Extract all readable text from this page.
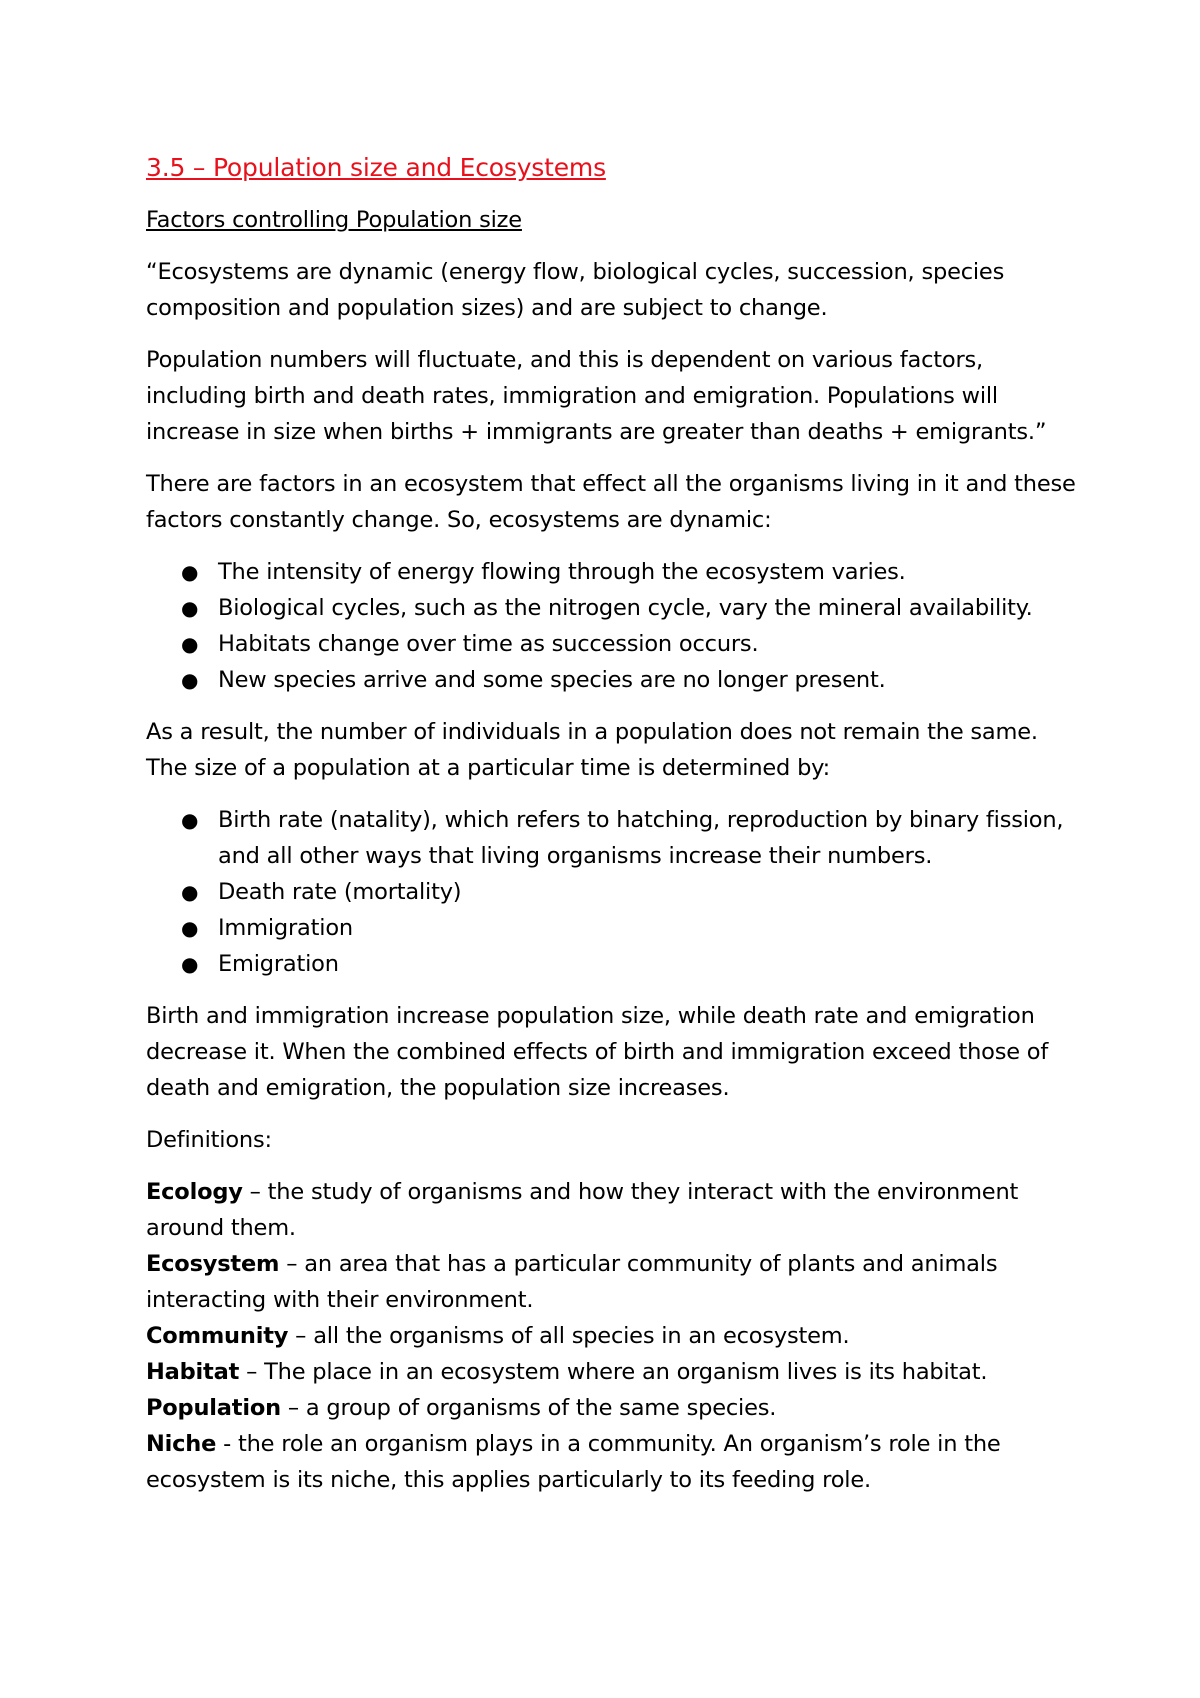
3.5 – Population size and Ecosystems
Factors controlling Population size

“Ecosystems are dynamic (energy flow, biological cycles, succession, species composition and population sizes) and are subject to change.

Population numbers will fluctuate, and this is dependent on various factors, including birth and death rates, immigration and emigration. Populations will increase in size when births + immigrants are greater than deaths + emigrants.”

There are factors in an ecosystem that effect all the organisms living in it and these factors constantly change. So, ecosystems are dynamic:

● The intensity of energy flowing through the ecosystem varies.
● Biological cycles, such as the nitrogen cycle, vary the mineral availability.
● Habitats change over time as succession occurs.
● New species arrive and some species are no longer present.

As a result, the number of individuals in a population does not remain the same. The size of a population at a particular time is determined by:

● Birth rate (natality), which refers to hatching, reproduction by binary fission, and all other ways that living organisms increase their numbers.
● Death rate (mortality)
● Immigration
● Emigration

Birth and immigration increase population size, while death rate and emigration decrease it. When the combined effects of birth and immigration exceed those of death and emigration, the population size increases.

Definitions:

Ecology – the study of organisms and how they interact with the environment around them.

Ecosystem – an area that has a particular community of plants and animals interacting with their environment.

Community – all the organisms of all species in an ecosystem.

Habitat – The place in an ecosystem where an organism lives is its habitat.

Population – a group of organisms of the same species.

Niche - the role an organism plays in a community. An organism’s role in the ecosystem is its niche, this applies particularly to its feeding role.
